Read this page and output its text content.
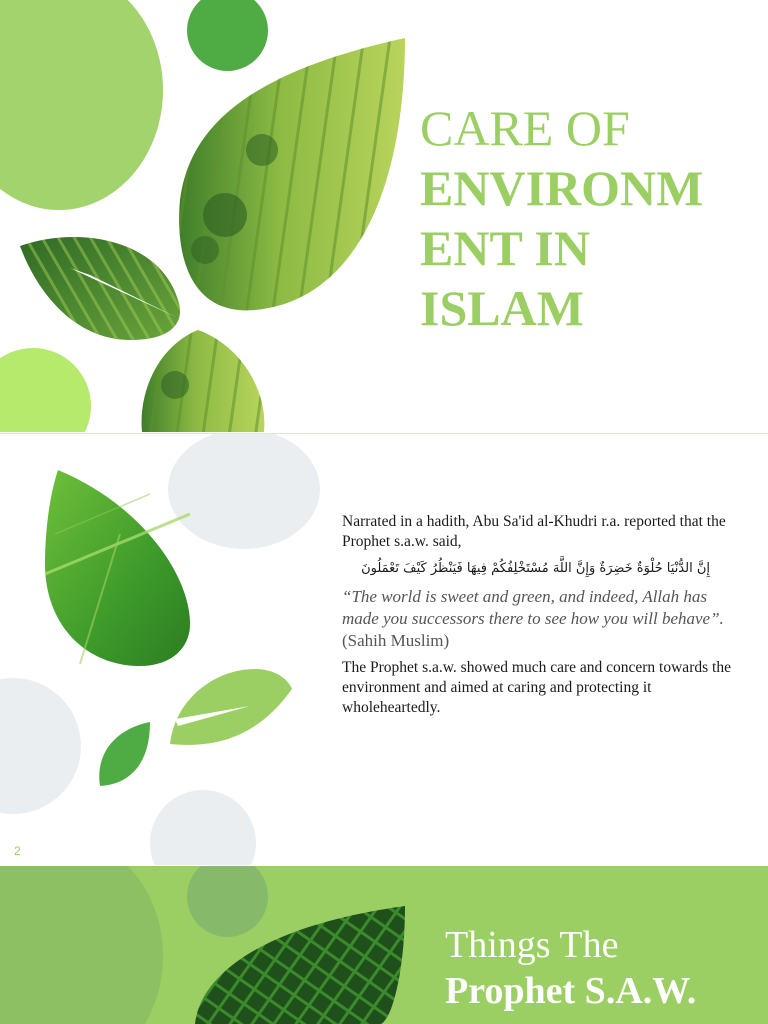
CARE OF
ENVIRONM
ENT IN
ISLAM
Narrated in a hadith, Abu Sa'id al-Khudri r.a. reported that the Prophet s.a.w. said,
إِنَّ الدُّنْيَا حُلْوَةٌ خَضِرَةٌ وَإِنَّ اللَّهَ مُسْتَخْلِفُكُمْ فِيهَا فَيَنْظُرُ كَيْفَ تَعْمَلُونَ
“The world is sweet and green, and indeed, Allah has made you successors there to see how you will behave”. (Sahih Muslim)
The Prophet s.a.w. showed much care and concern towards the environment and aimed at caring and protecting it wholeheartedly.
2
Things The
Prophet S.A.W.
